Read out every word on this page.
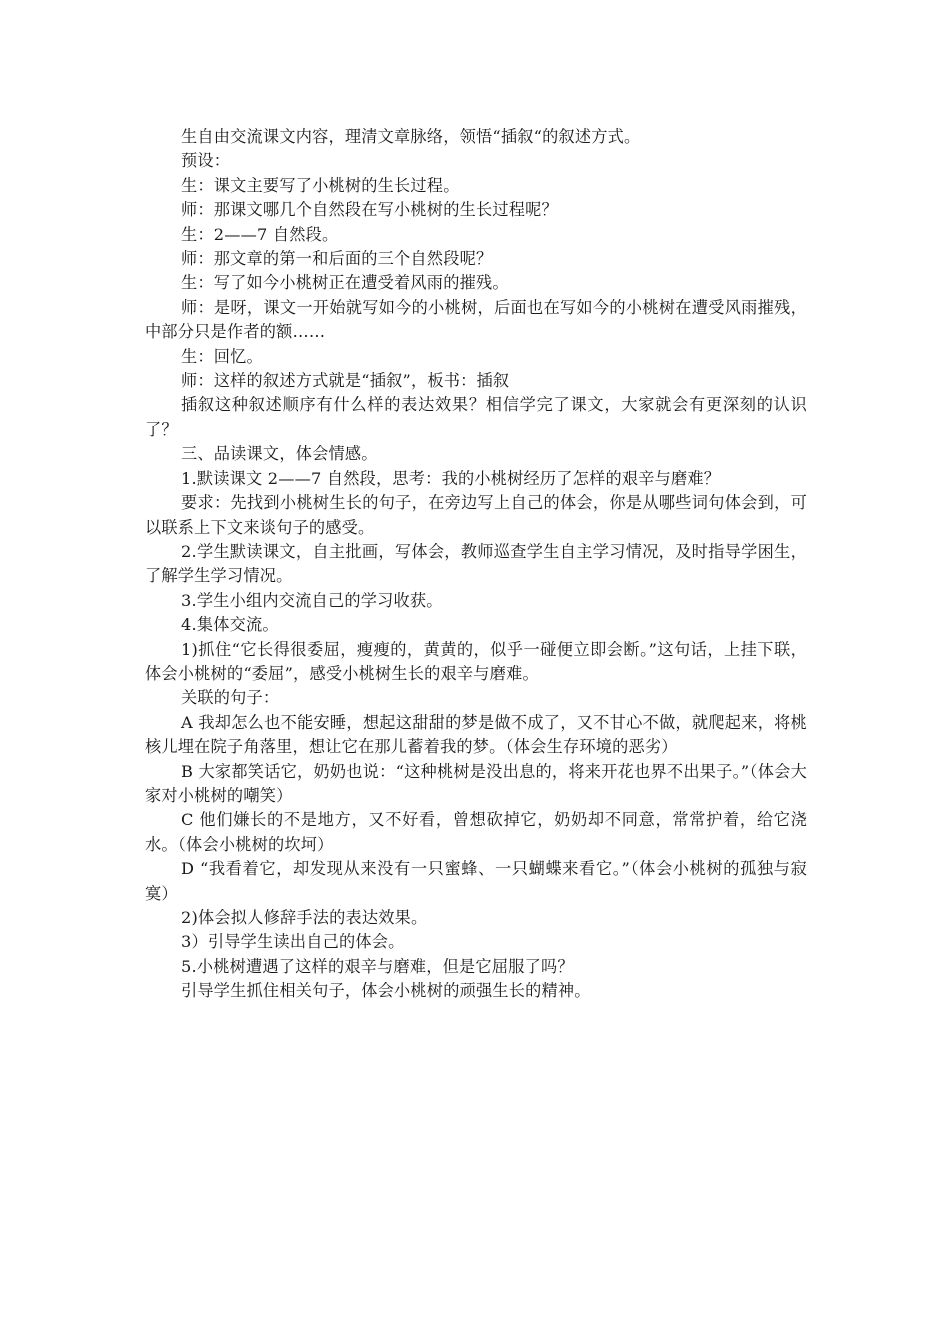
生自由交流课文内容，理清文章脉络，领悟“插叙“的叙述方式。

预设：

生：课文主要写了小桃树的生长过程。

师：那课文哪几个自然段在写小桃树的生长过程呢？

生：2——7 自然段。

师：那文章的第一和后面的三个自然段呢？

生：写了如今小桃树正在遭受着风雨的摧残。

师：是呀，课文一开始就写如今的小桃树，后面也在写如今的小桃树在遭受风雨摧残，中部分只是作者的额……

生：回忆。

师：这样的叙述方式就是“插叙”，板书：插叙

插叙这种叙述顺序有什么样的表达效果？相信学完了课文，大家就会有更深刻的认识了？

三、品读课文，体会情感。

1.默读课文 2——7 自然段，思考：我的小桃树经历了怎样的艰辛与磨难？

要求：先找到小桃树生长的句子，在旁边写上自己的体会，你是从哪些词句体会到，可以联系上下文来谈句子的感受。

2.学生默读课文，自主批画，写体会，教师巡查学生自主学习情况，及时指导学困生，了解学生学习情况。

3.学生小组内交流自己的学习收获。

4.集体交流。

1)抓住“它长得很委屈，瘦瘦的，黄黄的，似乎一碰便立即会断。”这句话，上挂下联，体会小桃树的“委屈”，感受小桃树生长的艰辛与磨难。

关联的句子：

A 我却怎么也不能安睡，想起这甜甜的梦是做不成了，又不甘心不做，就爬起来，将桃核儿埋在院子角落里，想让它在那儿蓄着我的梦。（体会生存环境的恶劣）

B 大家都笑话它，奶奶也说：“这种桃树是没出息的，将来开花也界不出果子。”（体会大家对小桃树的嘲笑）

C 他们嫌长的不是地方，又不好看，曾想砍掉它，奶奶却不同意，常常护着，给它浇水。（体会小桃树的坎坷）

D “我看着它，却发现从来没有一只蜜蜂、一只蝴蝶来看它。”（体会小桃树的孤独与寂寞）

2)体会拟人修辞手法的表达效果。

3）引导学生读出自己的体会。

5.小桃树遭遇了这样的艰辛与磨难，但是它屈服了吗？

引导学生抓住相关句子，体会小桃树的顽强生长的精神。
